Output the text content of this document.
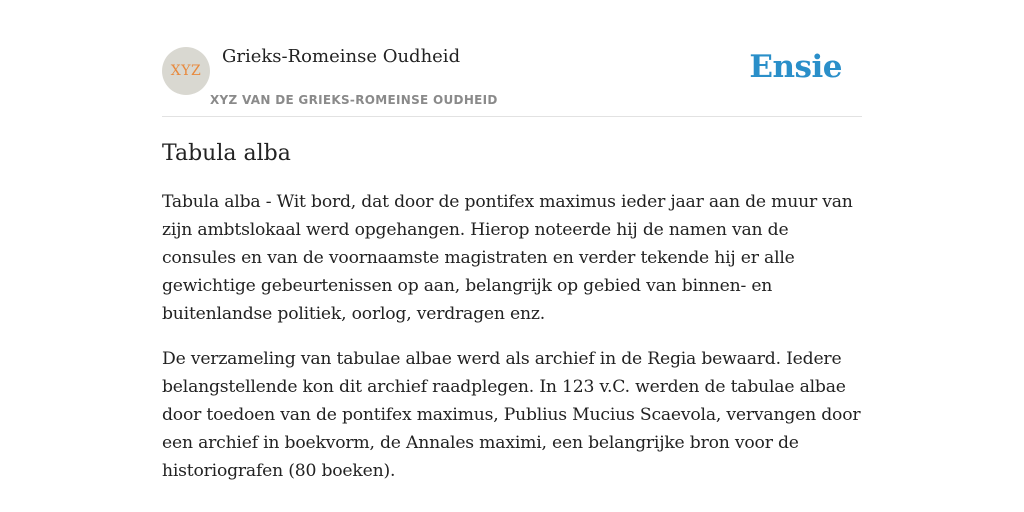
XYZ
Grieks-Romeinse Oudheid
XYZ VAN DE GRIEKS-ROMEINSE OUDHEID
Ensie
Tabula alba

Tabula alba - Wit bord, dat door de pontifex maximus ieder jaar aan de muur van zijn ambtslokaal werd opgehangen. Hierop noteerde hij de namen van de consules en van de voornaamste magistraten en verder tekende hij er alle gewichtige gebeurtenissen op aan, belangrijk op gebied van binnen- en buitenlandse politiek, oorlog, verdragen enz.

De verzameling van tabulae albae werd als archief in de Regia bewaard. Iedere belangstellende kon dit archief raadplegen. In 123 v.C. werden de tabulae albae door toedoen van de pontifex maximus, Publius Mucius Scaevola, vervangen door een archief in boekvorm, de Annales maximi, een belangrijke bron voor de historiografen (80 boeken).
